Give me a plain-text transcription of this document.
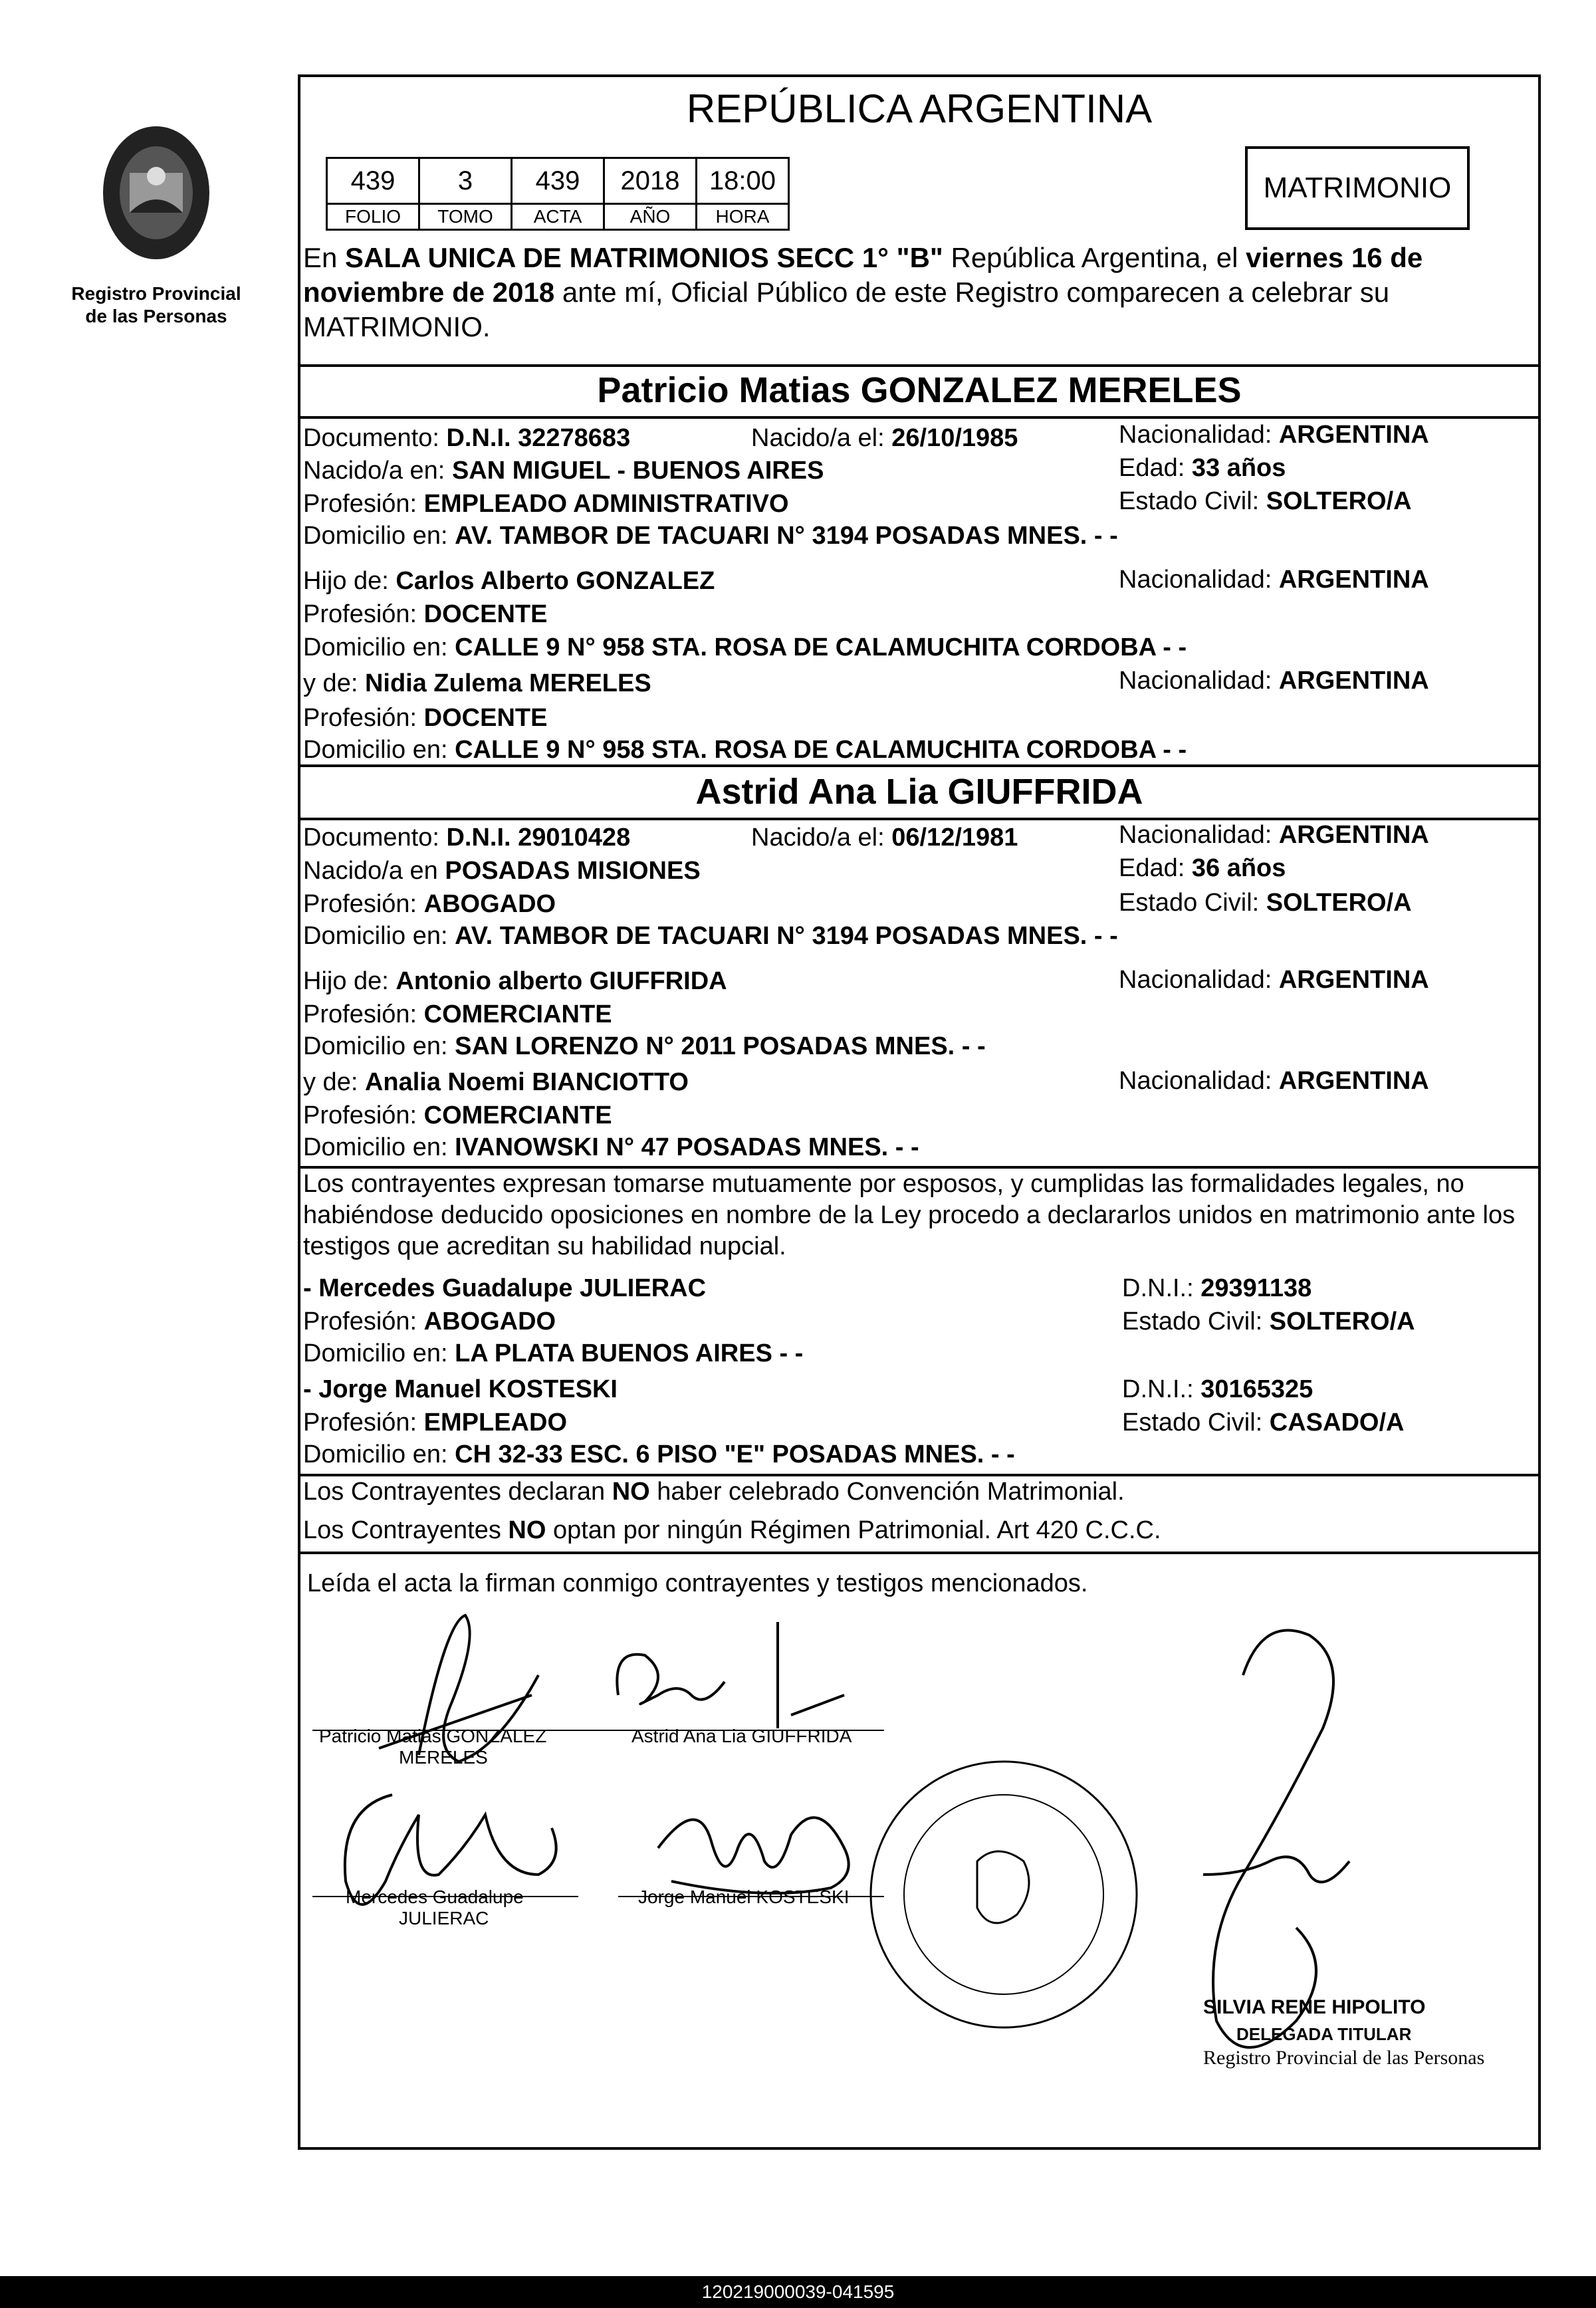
Registro Provincial
de las Personas
REPÚBLICA ARGENTINA
439	3	439	2018	18:00
FOLIO	TOMO	ACTA	AÑO	HORA
MATRIMONIO
En SALA UNICA DE MATRIMONIOS SECC 1° "B" República Argentina, el viernes 16 de noviembre de 2018 ante mí, Oficial Público de este Registro comparecen a celebrar su MATRIMONIO.
Patricio Matias GONZALEZ MERELES
Documento: D.N.I. 32278683	Nacido/a el: 26/10/1985	Nacionalidad: ARGENTINA
Nacido/a en: SAN MIGUEL - BUENOS AIRES	Edad: 33 años
Profesión: EMPLEADO ADMINISTRATIVO	Estado Civil: SOLTERO/A
Domicilio en: AV. TAMBOR DE TACUARI N° 3194 POSADAS MNES. - -
Hijo de: Carlos Alberto GONZALEZ	Nacionalidad: ARGENTINA
Profesión: DOCENTE
Domicilio en: CALLE 9 N° 958 STA. ROSA DE CALAMUCHITA CORDOBA - -
y de: Nidia Zulema MERELES	Nacionalidad: ARGENTINA
Profesión: DOCENTE
Domicilio en: CALLE 9 N° 958 STA. ROSA DE CALAMUCHITA CORDOBA - -
Astrid Ana Lia GIUFFRIDA
Documento: D.N.I. 29010428	Nacido/a el: 06/12/1981	Nacionalidad: ARGENTINA
Nacido/a en POSADAS MISIONES	Edad: 36 años
Profesión: ABOGADO	Estado Civil: SOLTERO/A
Domicilio en: AV. TAMBOR DE TACUARI N° 3194 POSADAS MNES. - -
Hijo de: Antonio alberto GIUFFRIDA	Nacionalidad: ARGENTINA
Profesión: COMERCIANTE
Domicilio en: SAN LORENZO N° 2011 POSADAS MNES. - -
y de: Analia Noemi BIANCIOTTO	Nacionalidad: ARGENTINA
Profesión: COMERCIANTE
Domicilio en: IVANOWSKI N° 47 POSADAS MNES. - -
Los contrayentes expresan tomarse mutuamente por esposos, y cumplidas las formalidades legales, no habiéndose deducido oposiciones en nombre de la Ley procedo a declararlos unidos en matrimonio ante los testigos que acreditan su habilidad nupcial.
- Mercedes Guadalupe JULIERAC	D.N.I.: 29391138
Profesión: ABOGADO	Estado Civil: SOLTERO/A
Domicilio en: LA PLATA BUENOS AIRES - -
- Jorge Manuel KOSTESKI	D.N.I.: 30165325
Profesión: EMPLEADO	Estado Civil: CASADO/A
Domicilio en: CH 32-33 ESC. 6 PISO "E" POSADAS MNES. - -
Los Contrayentes declaran NO haber celebrado Convención Matrimonial.
Los Contrayentes NO optan por ningún Régimen Patrimonial. Art 420 C.C.C.
Leída el acta la firman conmigo contrayentes y testigos mencionados.
Patricio Matias GONZALEZ
MERELES
Astrid Ana Lia GIUFFRIDA
Mercedes Guadalupe
JULIERAC
Jorge Manuel KOSTESKI
SILVIA RENE HIPOLITO
DELEGADA TITULAR
Registro Provincial de las Personas
120219000039-041595
